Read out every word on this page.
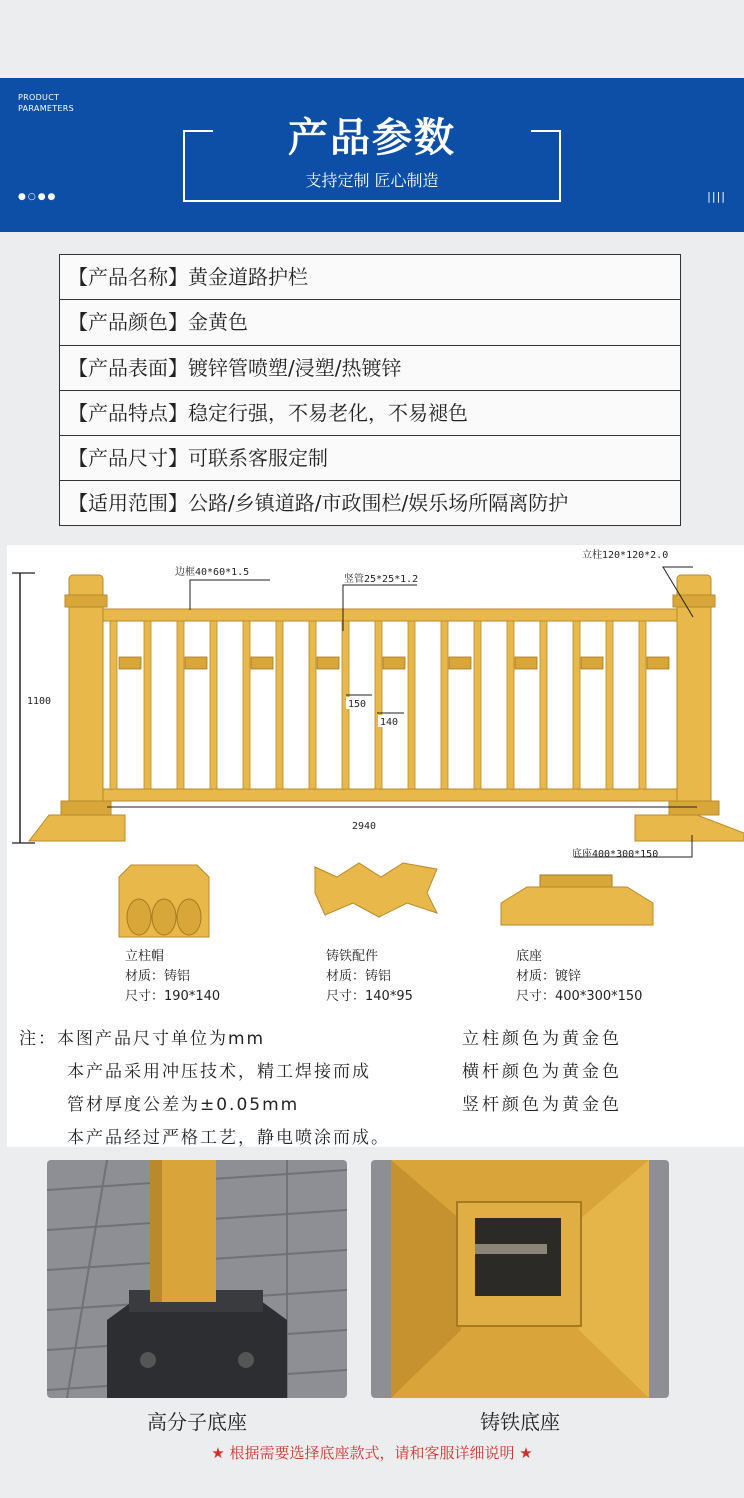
PRODUCT
PARAMETERS
产品参数
支持定制 匠心制造
●○●●	||||
【产品名称】黄金道路护栏
【产品颜色】金黄色
【产品表面】镀锌管喷塑/浸塑/热镀锌
【产品特点】稳定行强，不易老化，不易褪色
【产品尺寸】可联系客服定制
【适用范围】公路/乡镇道路/市政围栏/娱乐场所隔离防护
1100
边框40*60*1.5
竖管25*25*1.2
立柱120*120*2.0
150
140
2940
底座400*300*150
立柱帽
材质：铸铝
尺寸：190*140
铸铁配件
材质：铸铝
尺寸：140*95
底座
材质：镀锌
尺寸：400*300*150
注：本图产品尺寸单位为mm
本产品采用冲压技术，精工焊接而成
管材厚度公差为±0.05mm
本产品经过严格工艺，静电喷涂而成。
立柱颜色为黄金色
横杆颜色为黄金色
竖杆颜色为黄金色
高分子底座	铸铁底座
★ 根据需要选择底座款式，请和客服详细说明 ★
